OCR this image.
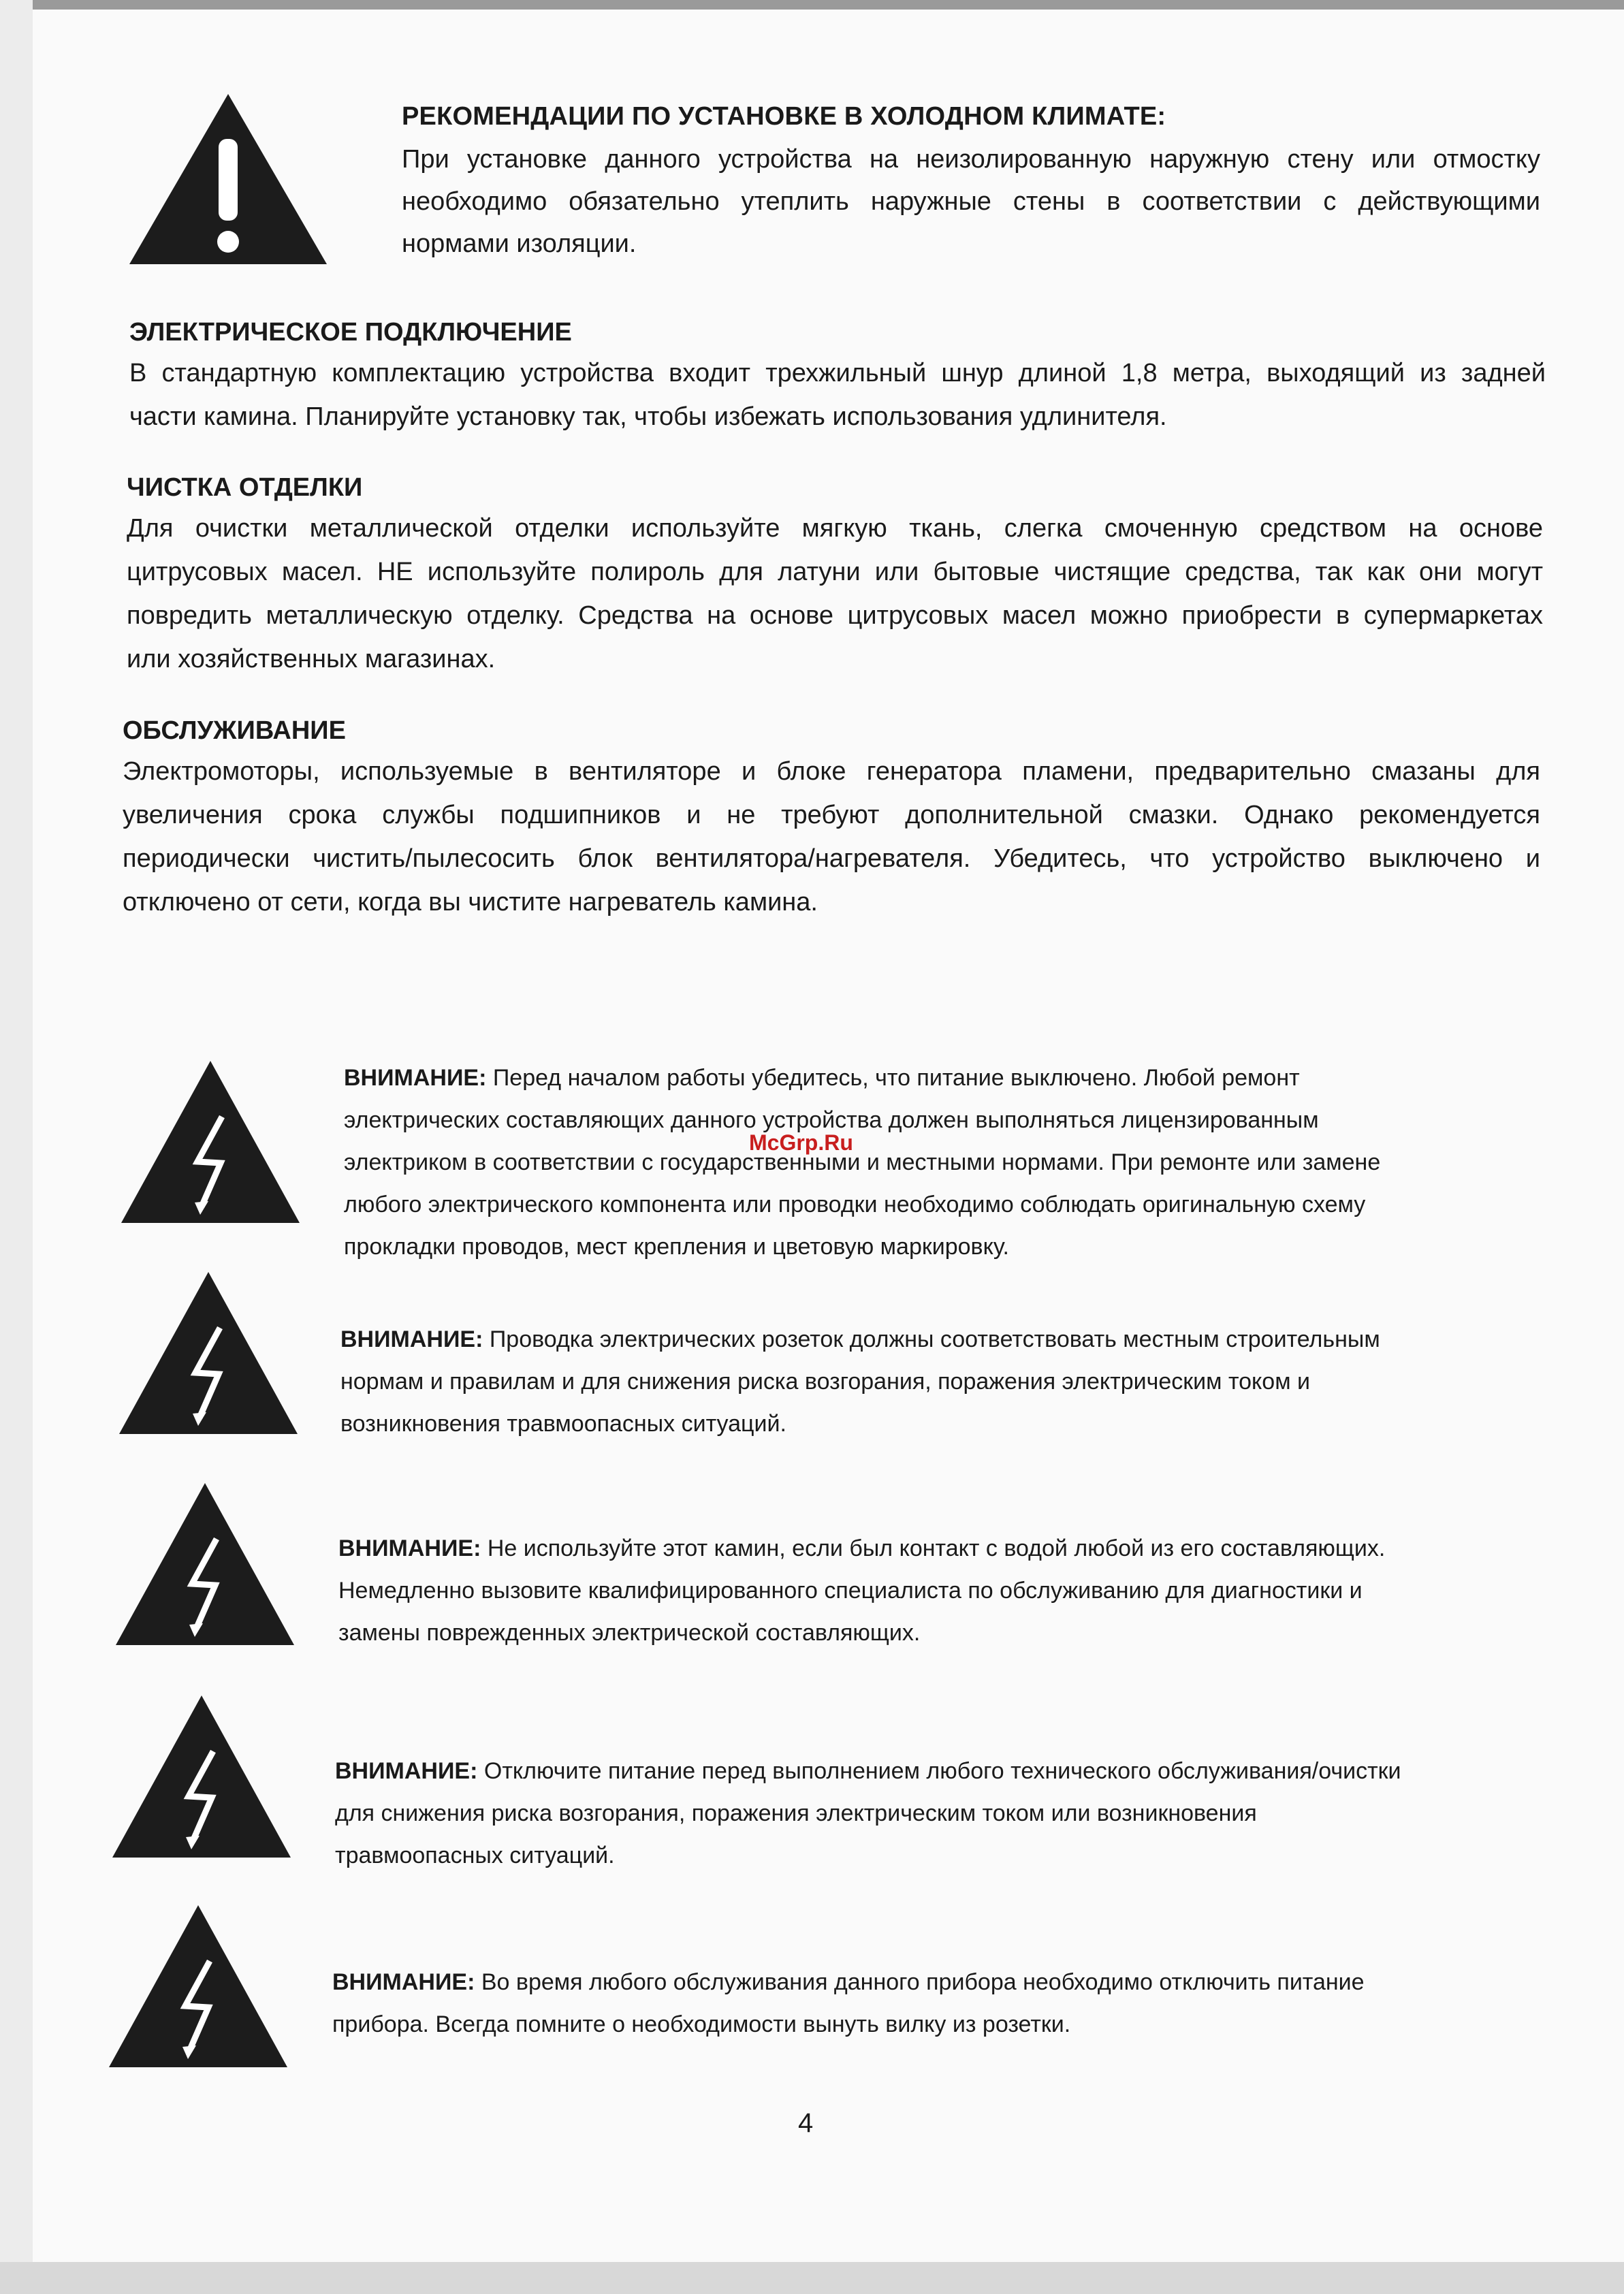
РЕКОМЕНДАЦИИ ПО УСТАНОВКЕ В ХОЛОДНОМ КЛИМАТЕ:

При установке данного устройства на неизолированную наружную стену или отмостку

необходимо обязательно утеплить наружные стены в соответствии с действующими

нормами изоляции.

ЭЛЕКТРИЧЕСКОЕ ПОДКЛЮЧЕНИЕ

В стандартную комплектацию устройства входит трехжильный шнур длиной 1,8 метра, выходящий из задней

части камина. Планируйте установку так, чтобы избежать использования удлинителя.

ЧИСТКА ОТДЕЛКИ

Для очистки металлической отделки используйте мягкую ткань, слегка смоченную средством на основе

цитрусовых масел. НЕ используйте полироль для латуни или бытовые чистящие средства, так как они могут

повредить металлическую отделку. Средства на основе цитрусовых масел можно приобрести в супермаркетах

или хозяйственных магазинах.

ОБСЛУЖИВАНИЕ

Электромоторы, используемые в вентиляторе и блоке генератора пламени, предварительно смазаны для

увеличения срока службы подшипников и не требуют дополнительной смазки. Однако рекомендуется

периодически чистить/пылесосить блок вентилятора/нагревателя. Убедитесь, что устройство выключено и

отключено от сети, когда вы чистите нагреватель камина.

ВНИМАНИЕ: Перед началом работы убедитесь, что питание выключено. Любой ремонт
электрических составляющих данного устройства должен выполняться лицензированным
электриком в соответствии с государственными и местными нормами. При ремонте или замене
любого электрического компонента или проводки необходимо соблюдать оригинальную схему
прокладки проводов, мест крепления и цветовую маркировку.
ВНИМАНИЕ: Проводка электрических розеток должны соответствовать местным строительным
нормам и правилам и для снижения риска возгорания, поражения электрическим током и
возникновения травмоопасных ситуаций.
ВНИМАНИЕ: Не используйте этот камин, если был контакт с водой любой из его составляющих.
Немедленно вызовите квалифицированного специалиста по обслуживанию для диагностики и
замены поврежденных электрической составляющих.
ВНИМАНИЕ: Отключите питание перед выполнением любого технического обслуживания/очистки
для снижения риска возгорания, поражения электрическим током или возникновения
травмоопасных ситуаций.
ВНИМАНИЕ: Во время любого обслуживания данного прибора необходимо отключить питание
прибора. Всегда помните о необходимости вынуть вилку из розетки.
McGrp.Ru
4
